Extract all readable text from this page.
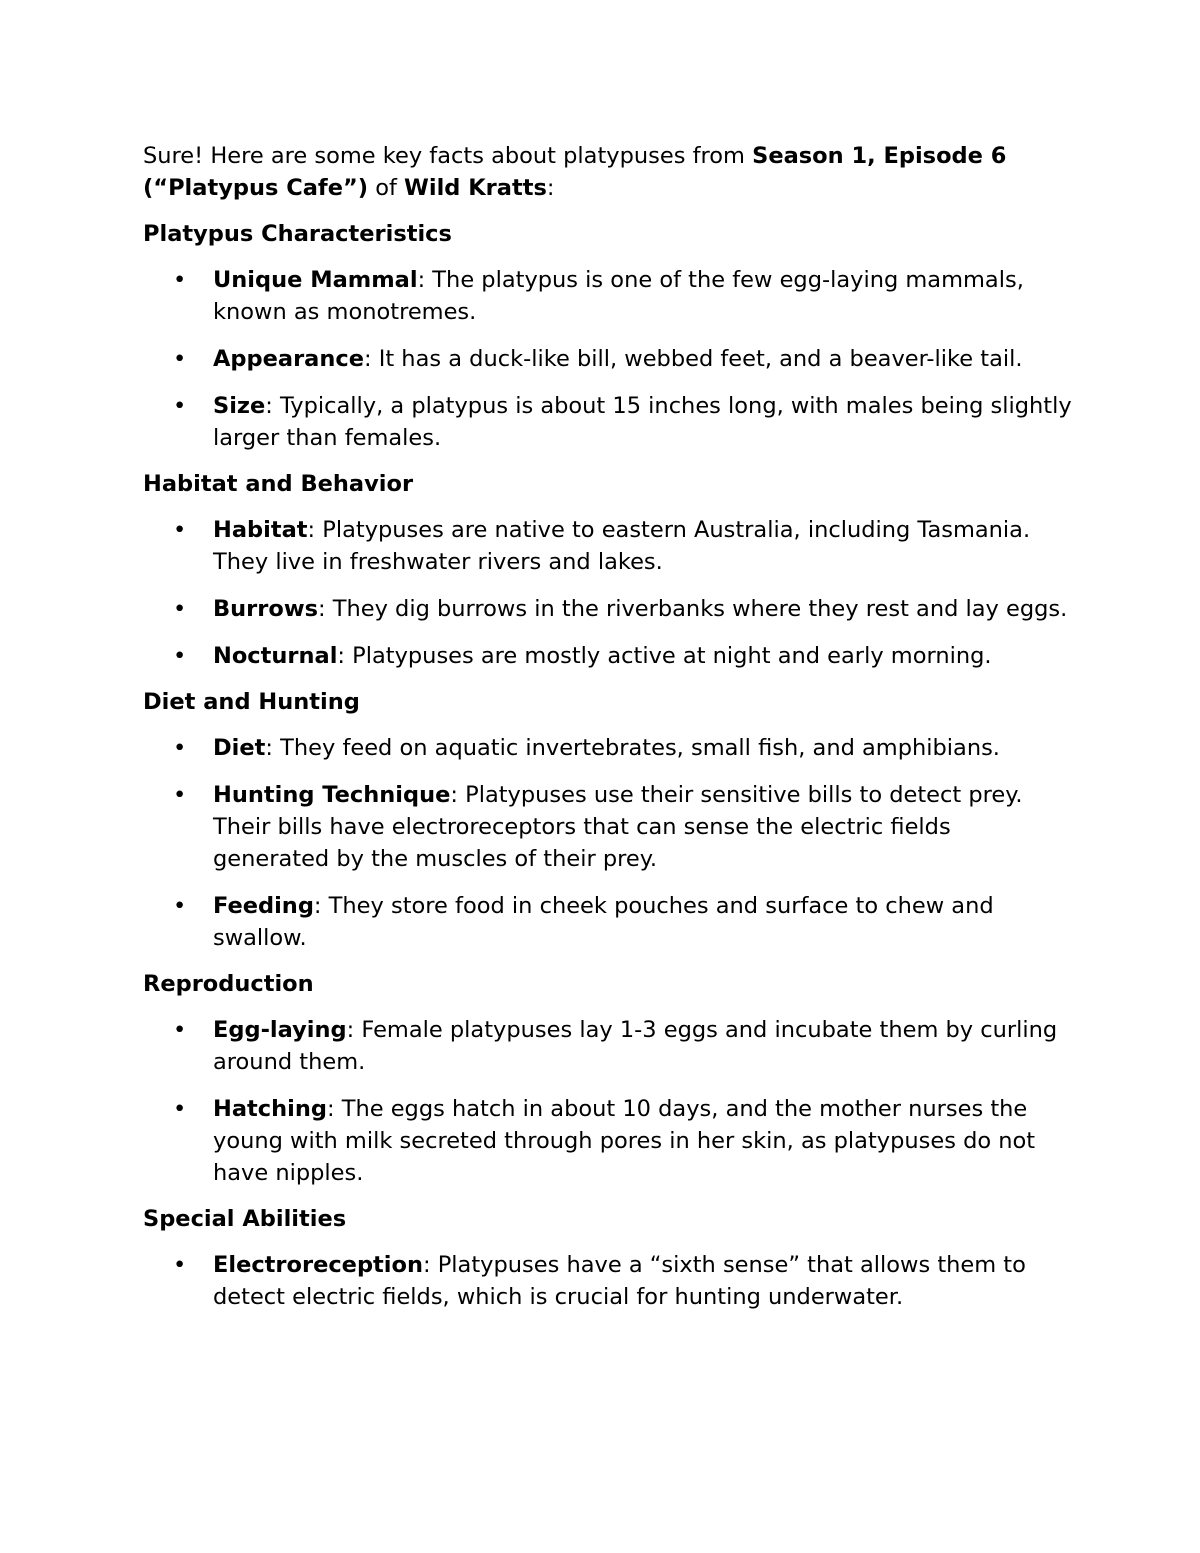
Sure! Here are some key facts about platypuses from Season 1, Episode 6 (“Platypus Cafe”) of Wild Kratts:

Platypus Characteristics

• Unique Mammal: The platypus is one of the few egg-laying mammals, known as monotremes.
• Appearance: It has a duck-like bill, webbed feet, and a beaver-like tail.
• Size: Typically, a platypus is about 15 inches long, with males being slightly larger than females.

Habitat and Behavior

• Habitat: Platypuses are native to eastern Australia, including Tasmania. They live in freshwater rivers and lakes.
• Burrows: They dig burrows in the riverbanks where they rest and lay eggs.
• Nocturnal: Platypuses are mostly active at night and early morning.

Diet and Hunting

• Diet: They feed on aquatic invertebrates, small fish, and amphibians.
• Hunting Technique: Platypuses use their sensitive bills to detect prey. Their bills have electroreceptors that can sense the electric fields generated by the muscles of their prey.
• Feeding: They store food in cheek pouches and surface to chew and swallow.

Reproduction

• Egg-laying: Female platypuses lay 1-3 eggs and incubate them by curling around them.
• Hatching: The eggs hatch in about 10 days, and the mother nurses the young with milk secreted through pores in her skin, as platypuses do not have nipples.

Special Abilities

• Electroreception: Platypuses have a “sixth sense” that allows them to detect electric fields, which is crucial for hunting underwater.
